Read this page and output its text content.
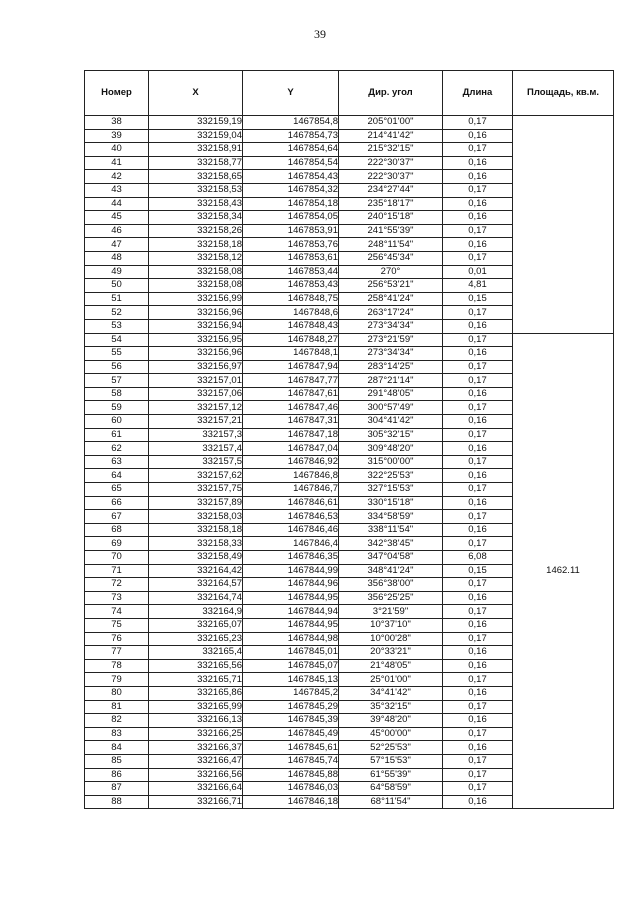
39
Номер	X	Y	Дир. угол	Длина	Площадь, кв.м.
38	332159,19	1467854,8	205°01'00"	0,17	
39	332159,04	1467854,73	214°41'42"	0,16	
40	332158,91	1467854,64	215°32'15"	0,17	
41	332158,77	1467854,54	222°30'37"	0,16	
42	332158,65	1467854,43	222°30'37"	0,16	
43	332158,53	1467854,32	234°27'44"	0,17	
44	332158,43	1467854,18	235°18'17"	0,16	
45	332158,34	1467854,05	240°15'18"	0,16	
46	332158,26	1467853,91	241°55'39"	0,17	
47	332158,18	1467853,76	248°11'54"	0,16	
48	332158,12	1467853,61	256°45'34"	0,17	
49	332158,08	1467853,44	270°	0,01	
50	332158,08	1467853,43	256°53'21"	4,81	
51	332156,99	1467848,75	258°41'24"	0,15	
52	332156,96	1467848,6	263°17'24"	0,17	
53	332156,94	1467848,43	273°34'34"	0,16	
54	332156,95	1467848,27	273°21'59"	0,17	1462.11
55	332156,96	1467848,1	273°34'34"	0,16	
56	332156,97	1467847,94	283°14'25"	0,17	
57	332157,01	1467847,77	287°21'14"	0,17	
58	332157,06	1467847,61	291°48'05"	0,16	
59	332157,12	1467847,46	300°57'49"	0,17	
60	332157,21	1467847,31	304°41'42"	0,16	
61	332157,3	1467847,18	305°32'15"	0,17	
62	332157,4	1467847,04	309°48'20"	0,16	
63	332157,5	1467846,92	315°00'00"	0,17	
64	332157,62	1467846,8	322°25'53"	0,16	
65	332157,75	1467846,7	327°15'53"	0,17	
66	332157,89	1467846,61	330°15'18"	0,16	
67	332158,03	1467846,53	334°58'59"	0,17	
68	332158,18	1467846,46	338°11'54"	0,16	
69	332158,33	1467846,4	342°38'45"	0,17	
70	332158,49	1467846,35	347°04'58"	6,08	
71	332164,42	1467844,99	348°41'24"	0,15	
72	332164,57	1467844,96	356°38'00"	0,17	
73	332164,74	1467844,95	356°25'25"	0,16	
74	332164,9	1467844,94	3°21'59"	0,17	
75	332165,07	1467844,95	10°37'10"	0,16	
76	332165,23	1467844,98	10°00'28"	0,17	
77	332165,4	1467845,01	20°33'21"	0,16	
78	332165,56	1467845,07	21°48'05"	0,16	
79	332165,71	1467845,13	25°01'00"	0,17	
80	332165,86	1467845,2	34°41'42"	0,16	
81	332165,99	1467845,29	35°32'15"	0,17	
82	332166,13	1467845,39	39°48'20"	0,16	
83	332166,25	1467845,49	45°00'00"	0,17	
84	332166,37	1467845,61	52°25'53"	0,16	
85	332166,47	1467845,74	57°15'53"	0,17	
86	332166,56	1467845,88	61°55'39"	0,17	
87	332166,64	1467846,03	64°58'59"	0,17	
88	332166,71	1467846,18	68°11'54"	0,16	
